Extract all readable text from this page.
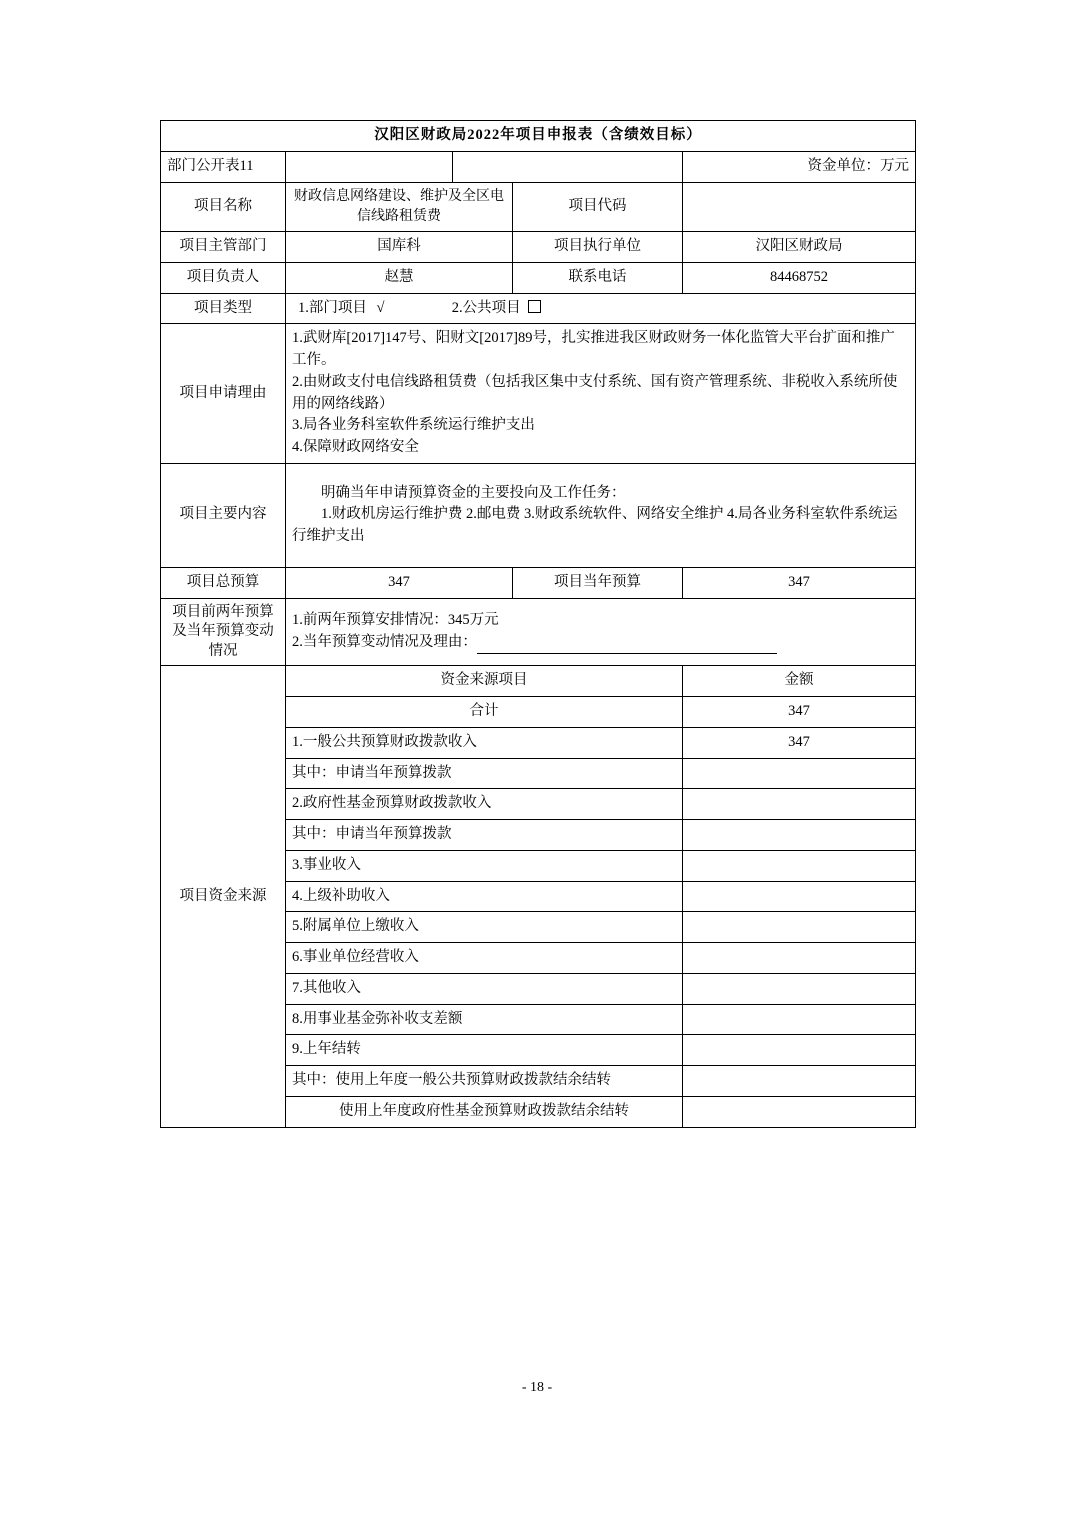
汉阳区财政局2022年项目申报表（含绩效目标）				
部门公开表11				资金单位：万元
项目名称	财政信息网络建设、维护及全区电信线路租赁费		项目代码	
项目主管部门	国库科		项目执行单位	汉阳区财政局
项目负责人	赵慧		联系电话	84468752
项目类型	1.部门项目 √ 2.公共项目			
项目申请理由	1.武财库[2017]147号、阳财文[2017]89号，扎实推进我区财政财务一体化监管大平台扩面和推广工作。
2.由财政支付电信线路租赁费（包括我区集中支付系统、国有资产管理系统、非税收入系统所使用的网络线路）
3.局各业务科室软件系统运行维护支出
4.保障财政网络安全			

项目主要内容	明确当年申请预算资金的主要投向及工作任务：
1.财政机房运行维护费 2.邮电费 3.财政系统软件、网络安全维护 4.局各业务科室软件系统运行维护支出			

项目总预算	347		项目当年预算	347
项目前两年预算及当年预算变动情况	1.前两年预算安排情况：345万元
2.当年预算变动情况及理由：			

项目资金来源	资金来源项目			金额
	合计			347
	1.一般公共预算财政拨款收入			347
	其中：申请当年预算拨款			
	2.政府性基金预算财政拨款收入			
	其中：申请当年预算拨款			
	3.事业收入			
	4.上级补助收入			
	5.附属单位上缴收入			
	6.事业单位经营收入			
	7.其他收入			
	8.用事业基金弥补收支差额			
	9.上年结转			
	其中：使用上年度一般公共预算财政拨款结余结转			
	使用上年度政府性基金预算财政拨款结余结转			
- 18 -
